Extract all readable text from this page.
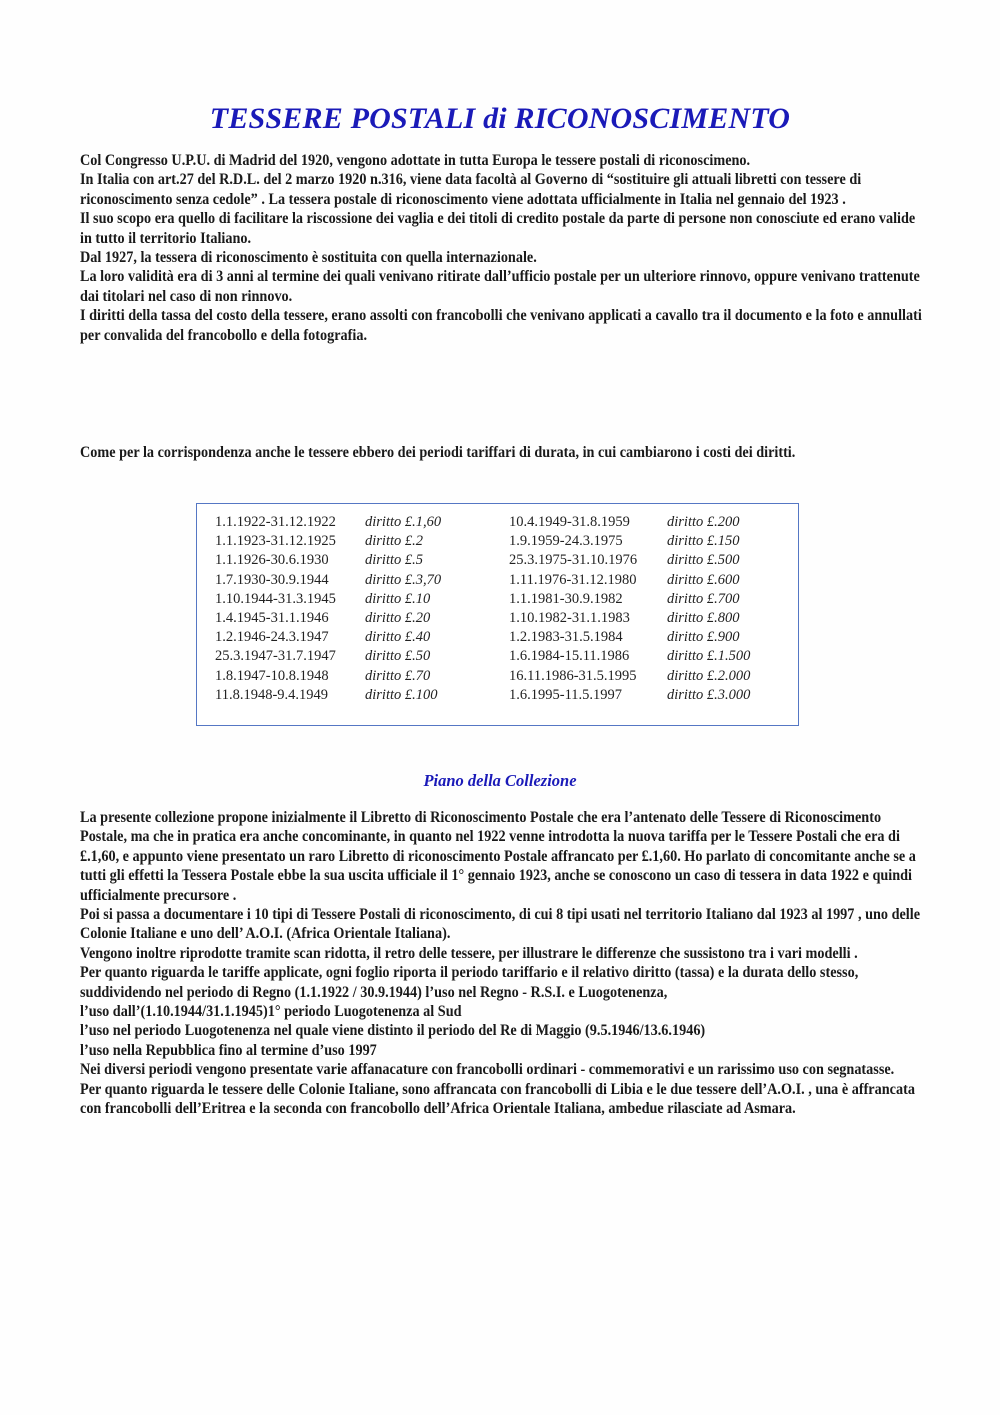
TESSERE POSTALI di RICONOSCIMENTO

Col Congresso U.P.U. di Madrid del 1920, vengono adottate in tutta Europa le tessere postali di riconoscimeno.

In Italia con art.27 del R.D.L. del 2 marzo 1920 n.316, viene data facoltà al Governo di “sostituire gli attuali libretti con tessere di riconoscimento senza cedole” . La tessera postale di riconoscimento viene adottata ufficialmente in Italia nel gennaio del 1923 .

Il suo scopo era quello di facilitare la riscossione dei vaglia e dei titoli di credito postale da parte di persone non conosciute ed erano valide in tutto il territorio Italiano.

Dal 1927, la tessera di riconoscimento è sostituita con quella internazionale.

La loro validità era di 3 anni al termine dei quali venivano ritirate dall’ufficio postale per un ulteriore rinnovo, oppure venivano trattenute dai titolari nel caso di non rinnovo.

I diritti della tassa del costo della tessere, erano assolti con francobolli che venivano applicati a cavallo tra il documento e la foto e annullati per convalida del francobollo e della fotografia.

Come per la corrispondenza anche le tessere ebbero dei periodi tariffari di durata, in cui cambiarono i costi dei diritti.

1.1.1922-31.12.1922 diritto £.1,60
1.1.1923-31.12.1925 diritto £.2
1.1.1926-30.6.1930	diritto £.5
1.7.1930-30.9.1944	diritto £.3,70
1.10.1944-31.3.1945 diritto £.10
1.4.1945-31.1.1946	diritto £.20
1.2.1946-24.3.1947	diritto £.40
25.3.1947-31.7.1947 diritto £.50
1.8.1947-10.8.1948	diritto £.70
11.8.1948-9.4.1949	diritto £.100
10.4.1949-31.8.1959	diritto £.200
1.9.1959-24.3.1975	diritto £.150
25.3.1975-31.10.1976 diritto £.500
1.11.1976-31.12.1980 diritto £.600
1.1.1981-30.9.1982	diritto £.700
1.10.1982-31.1.1983	diritto £.800
1.2.1983-31.5.1984	diritto £.900
1.6.1984-15.11.1986	diritto £.1.500
16.11.1986-31.5.1995 diritto £.2.000
1.6.1995-11.5.1997	diritto £.3.000
Piano della Collezione

La presente collezione propone inizialmente il Libretto di Riconoscimento Postale che era l’antenato delle Tessere di Riconoscimento Postale, ma che in pratica era anche concominante, in quanto nel 1922 venne introdotta la nuova tariffa per le Tessere Postali che era di £.1,60, e appunto viene presentato un raro Libretto di riconoscimento Postale affrancato per £.1,60. Ho parlato di concomitante anche se a tutti gli effetti la Tessera Postale ebbe la sua uscita ufficiale il 1° gennaio 1923, anche se conoscono un caso di tessera in data 1922 e quindi ufficialmente precursore .

Poi si passa a documentare i 10 tipi di Tessere Postali di riconoscimento, di cui 8 tipi usati nel territorio Italiano dal 1923 al 1997 , uno delle Colonie Italiane e uno dell’ A.O.I. (Africa Orientale Italiana).

Vengono inoltre riprodotte tramite scan ridotta, il retro delle tessere, per illustrare le differenze che sussistono tra i vari modelli .

Per quanto riguarda le tariffe applicate, ogni foglio riporta il periodo tariffario e il relativo diritto (tassa) e la durata dello stesso, suddividendo nel periodo di Regno (1.1.1922 / 30.9.1944) l’uso nel Regno - R.S.I. e Luogotenenza,

l’uso dall’(1.10.1944/31.1.1945)1° periodo Luogotenenza al Sud

l’uso nel periodo Luogotenenza nel quale viene distinto il periodo del Re di Maggio (9.5.1946/13.6.1946)

l’uso nella Repubblica fino al termine d’uso 1997

Nei diversi periodi vengono presentate varie affanacature con francobolli ordinari - commemorativi e un rarissimo uso con segnatasse.

Per quanto riguarda le tessere delle Colonie Italiane, sono affrancata con francobolli di Libia e le due tessere dell’A.O.I. , una è affrancata con francobolli dell’Eritrea e la seconda con francobollo dell’Africa Orientale Italiana, ambedue rilasciate ad Asmara.
